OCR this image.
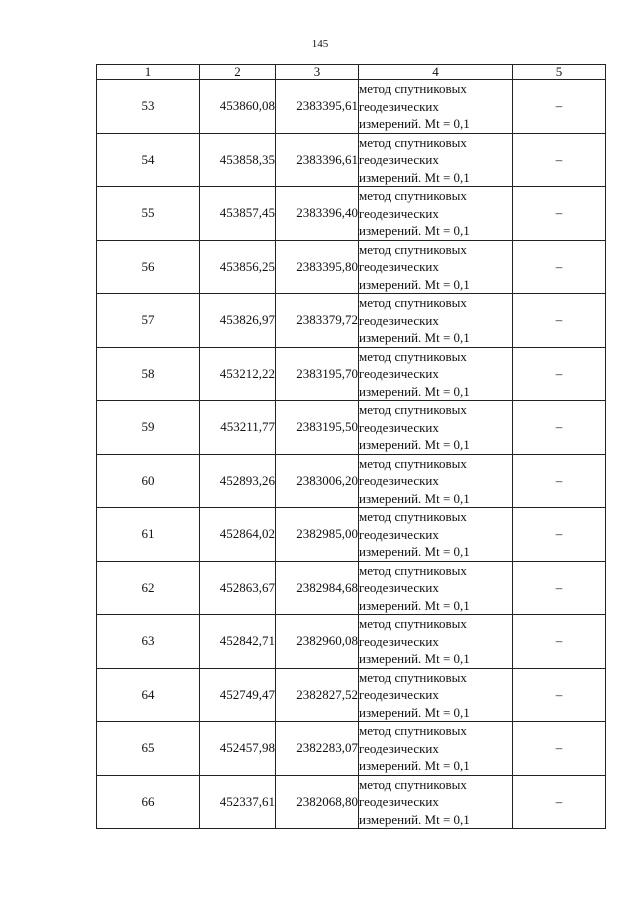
145
1	2	3	4	5
53	453860,08	2383395,61	метод спутниковых
геодезических
измерений. Mt = 0,1	–
54	453858,35	2383396,61	метод спутниковых
геодезических
измерений. Mt = 0,1	–
55	453857,45	2383396,40	метод спутниковых
геодезических
измерений. Mt = 0,1	–
56	453856,25	2383395,80	метод спутниковых
геодезических
измерений. Mt = 0,1	–
57	453826,97	2383379,72	метод спутниковых
геодезических
измерений. Mt = 0,1	–
58	453212,22	2383195,70	метод спутниковых
геодезических
измерений. Mt = 0,1	–
59	453211,77	2383195,50	метод спутниковых
геодезических
измерений. Mt = 0,1	–
60	452893,26	2383006,20	метод спутниковых
геодезических
измерений. Mt = 0,1	–
61	452864,02	2382985,00	метод спутниковых
геодезических
измерений. Mt = 0,1	–
62	452863,67	2382984,68	метод спутниковых
геодезических
измерений. Mt = 0,1	–
63	452842,71	2382960,08	метод спутниковых
геодезических
измерений. Mt = 0,1	–
64	452749,47	2382827,52	метод спутниковых
геодезических
измерений. Mt = 0,1	–
65	452457,98	2382283,07	метод спутниковых
геодезических
измерений. Mt = 0,1	–
66	452337,61	2382068,80	метод спутниковых
геодезических
измерений. Mt = 0,1	–
